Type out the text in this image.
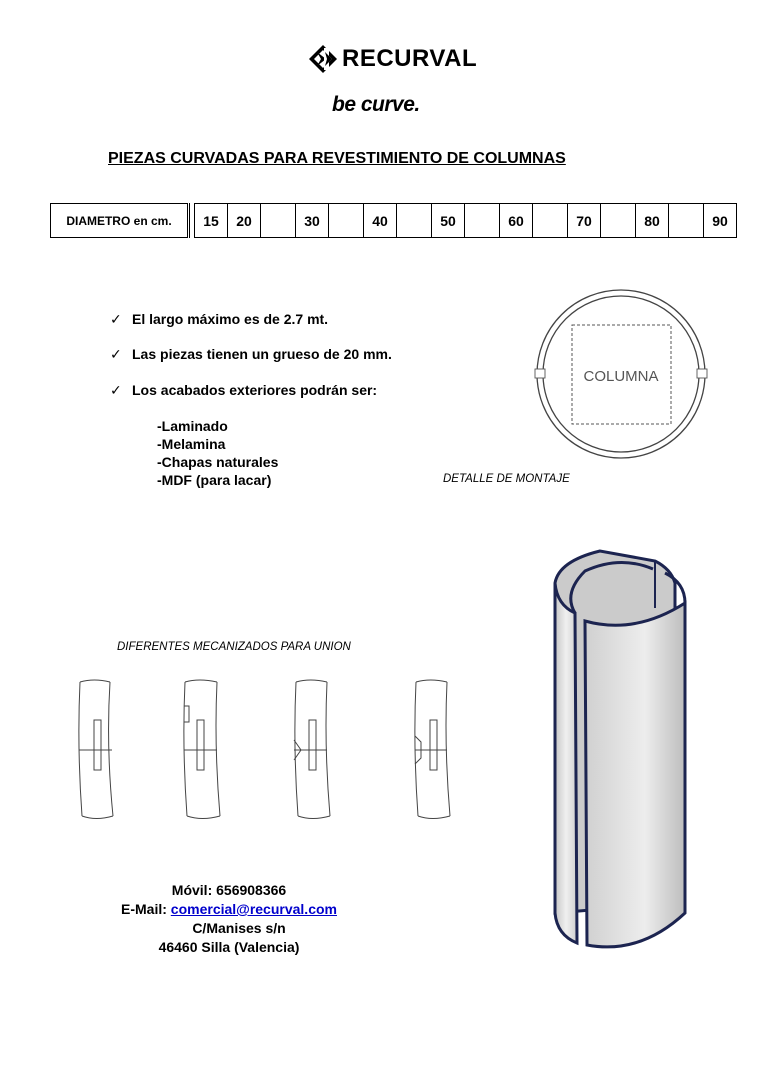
RECURVAL
be curve.
PIEZAS CURVADAS PARA REVESTIMIENTO DE COLUMNAS
DIAMETRO en cm.	15	20		30		40		50		60		70		80		90
✓ El largo máximo es de 2.7 mt.
✓ Las piezas tienen un grueso de 20 mm.
✓ Los acabados exteriores podrán ser:
-Laminado
-Melamina
-Chapas naturales
-MDF (para lacar)
COLUMNA
DETALLE DE MONTAJE
DIFERENTES MECANIZADOS PARA UNION
Móvil: 656908366
E-Mail: comercial@recurval.com
C/Manises s/n
46460 Silla (Valencia)
